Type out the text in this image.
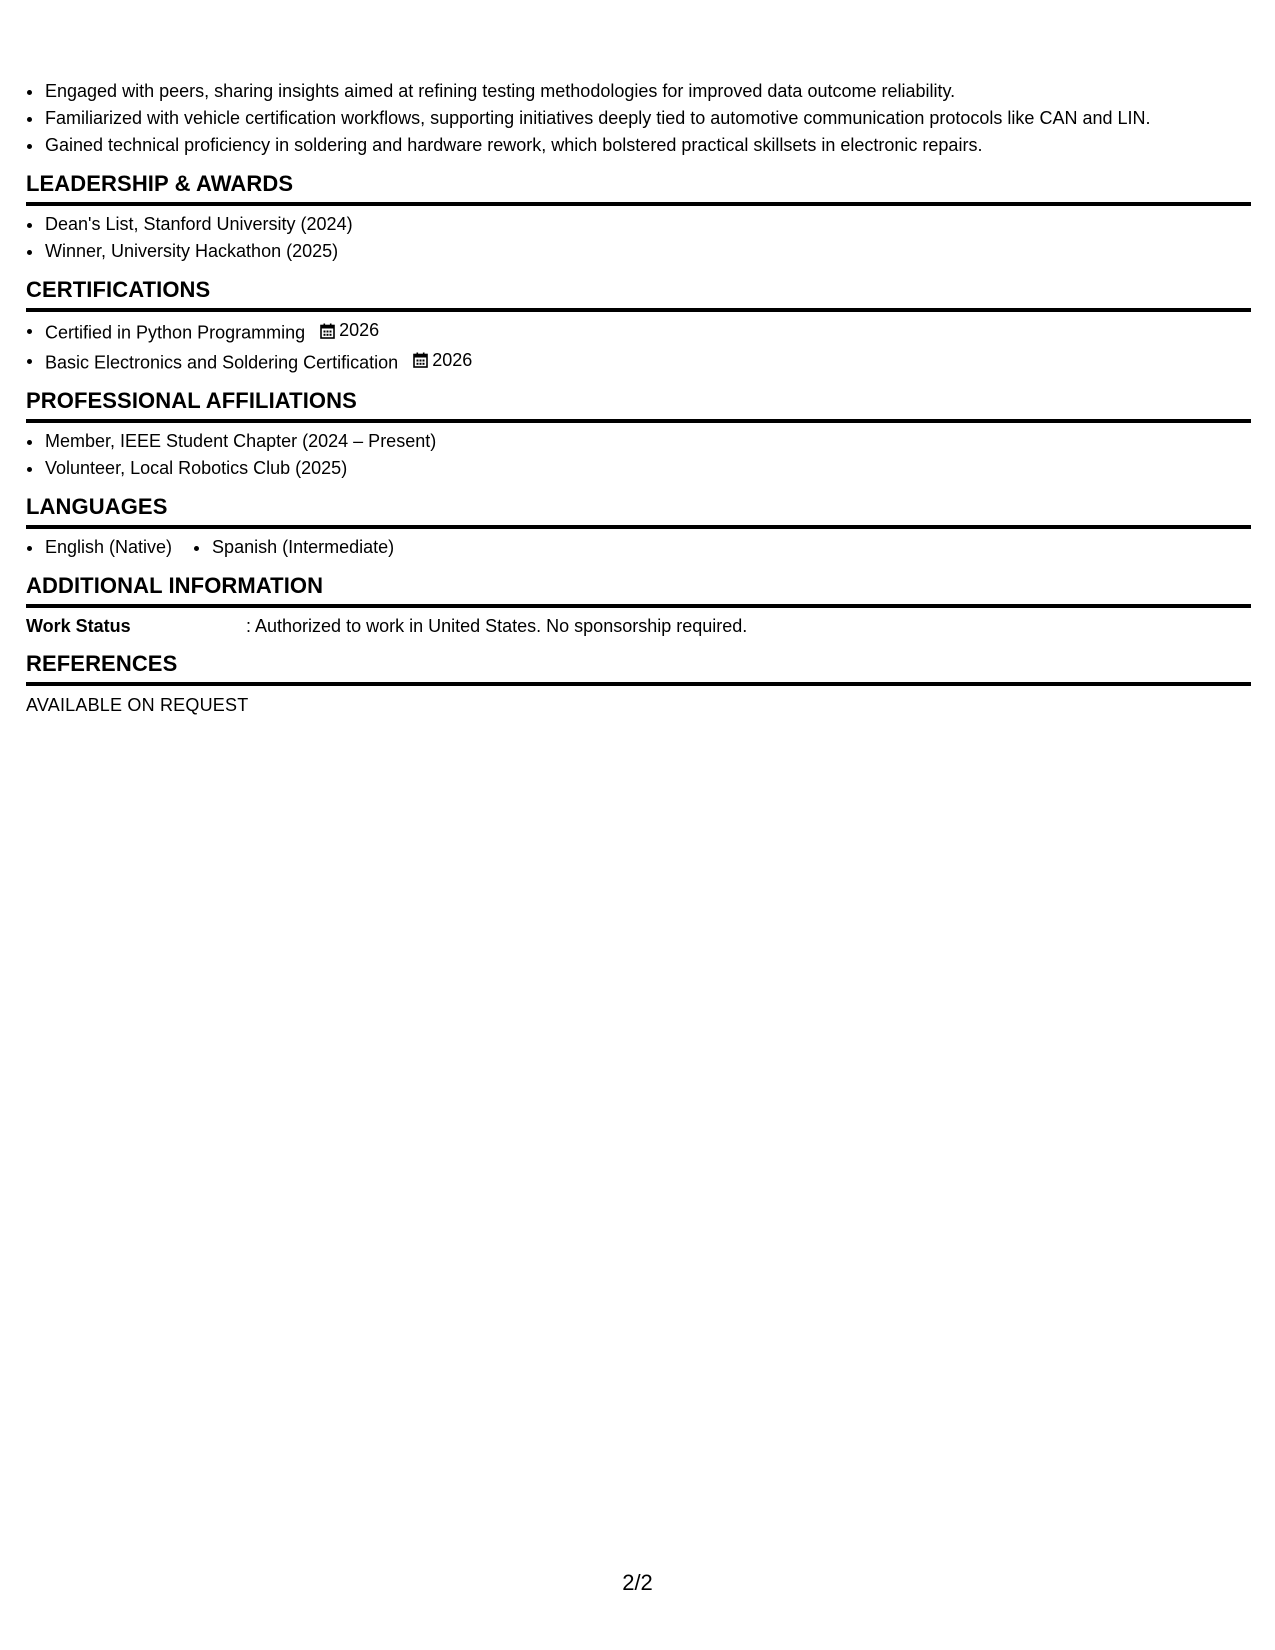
Engaged with peers, sharing insights aimed at refining testing methodologies for improved data outcome reliability.
Familiarized with vehicle certification workflows, supporting initiatives deeply tied to automotive communication protocols like CAN and LIN.
Gained technical proficiency in soldering and hardware rework, which bolstered practical skillsets in electronic repairs.
LEADERSHIP & AWARDS
Dean's List, Stanford University (2024)
Winner, University Hackathon (2025)
CERTIFICATIONS
Certified in Python Programming 2026
Basic Electronics and Soldering Certification 2026
PROFESSIONAL AFFILIATIONS
Member, IEEE Student Chapter (2024 – Present)
Volunteer, Local Robotics Club (2025)
LANGUAGES
English (Native) Spanish (Intermediate)
ADDITIONAL INFORMATION
Work Status	: Authorized to work in United States. No sponsorship required.
REFERENCES
AVAILABLE ON REQUEST
2/2
